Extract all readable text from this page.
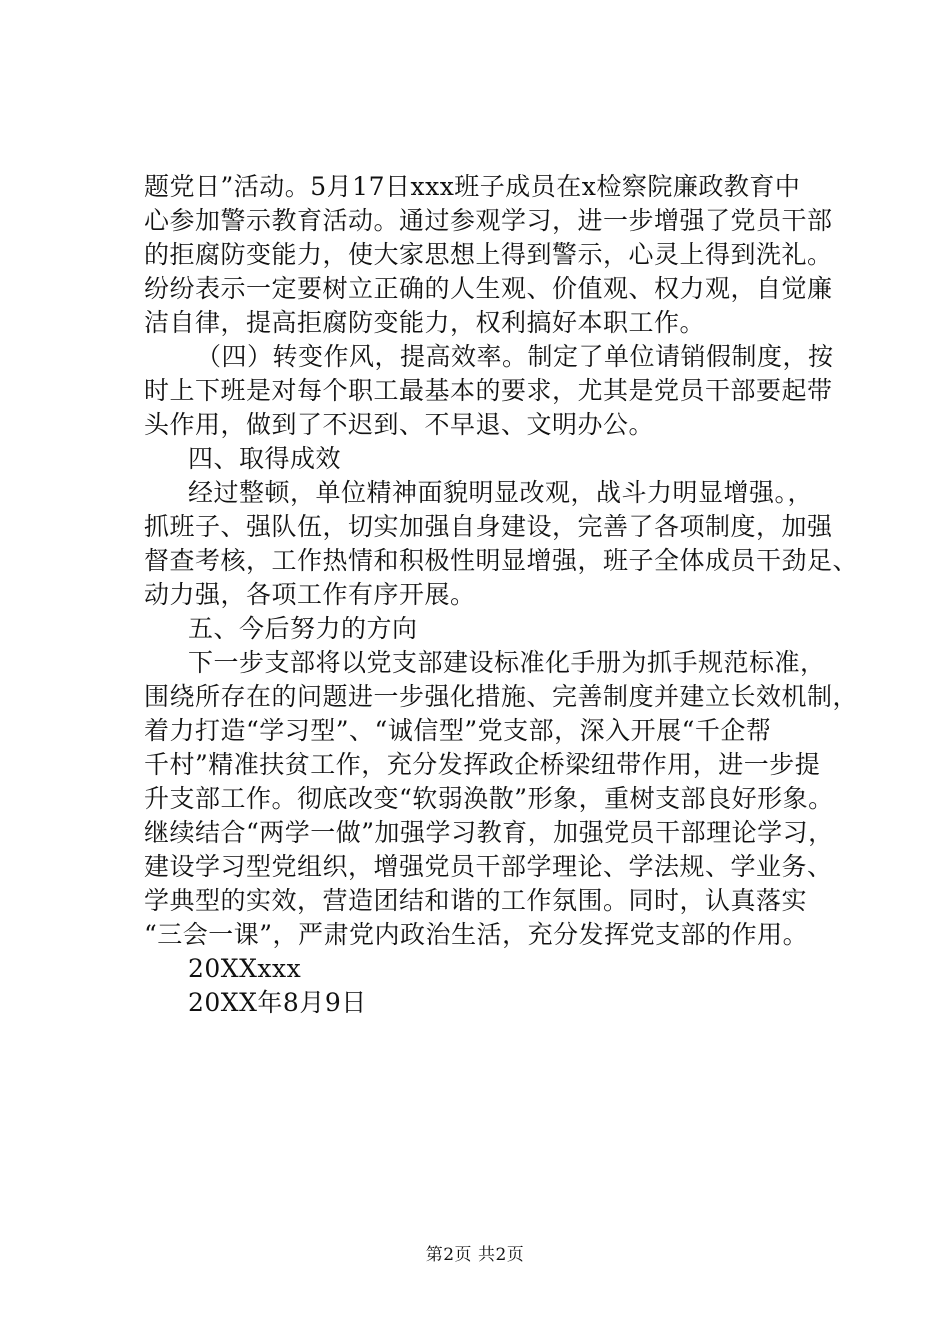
题党日”活动。5月17日xxx班子成员在x检察院廉政教育中
心参加警示教育活动。通过参观学习，进一步增强了党员干部
的拒腐防变能力，使大家思想上得到警示，心灵上得到洗礼。
纷纷表示一定要树立正确的人生观、价值观、权力观，自觉廉
洁自律，提高拒腐防变能力，权利搞好本职工作。
（四）转变作风，提高效率。制定了单位请销假制度，按
时上下班是对每个职工最基本的要求，尤其是党员干部要起带
头作用，做到了不迟到、不早退、文明办公。
四、取得成效
经过整顿，单位精神面貌明显改观，战斗力明显增强。，
抓班子、强队伍，切实加强自身建设，完善了各项制度，加强
督查考核，工作热情和积极性明显增强，班子全体成员干劲足、
动力强，各项工作有序开展。
五、今后努力的方向
下一步支部将以党支部建设标准化手册为抓手规范标准，
围绕所存在的问题进一步强化措施、完善制度并建立长效机制，
着力打造“学习型”、“诚信型”党支部，深入开展“千企帮
千村”精准扶贫工作，充分发挥政企桥梁纽带作用，进一步提
升支部工作。彻底改变“软弱涣散”形象，重树支部良好形象。
继续结合“两学一做”加强学习教育，加强党员干部理论学习，
建设学习型党组织，增强党员干部学理论、学法规、学业务、
学典型的实效，营造团结和谐的工作氛围。同时，认真落实
“三会一课”，严肃党内政治生活，充分发挥党支部的作用。
20XXxxx
20XX年8月9日
第2页 共2页
